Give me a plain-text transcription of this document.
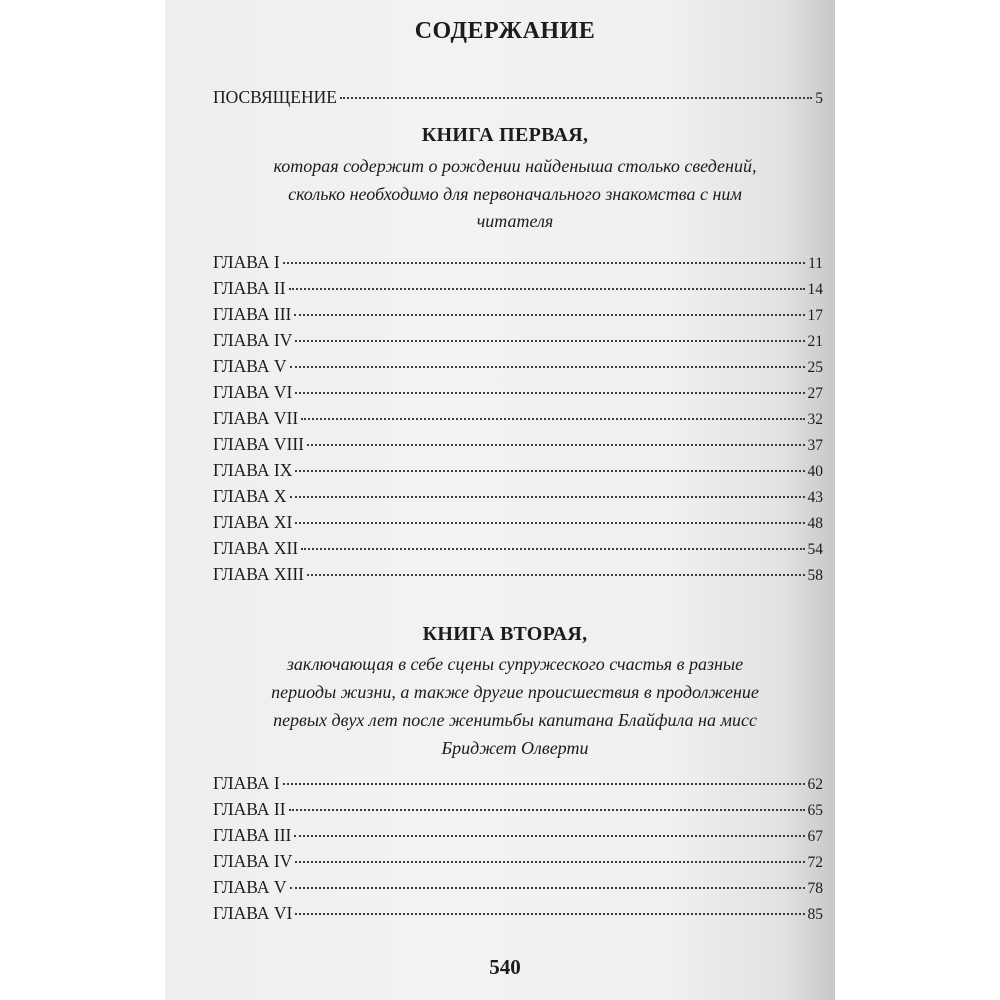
СОДЕРЖАНИЕ
ПОСВЯЩЕНИЕ	5
КНИГА ПЕРВАЯ,
которая содержит о рождении найденыша столько сведений,
сколько необходимо для первоначального знакомства с ним
читателя
ГЛАВА I	11
ГЛАВА II	14
ГЛАВА III	17
ГЛАВА IV	21
ГЛАВА V	25
ГЛАВА VI	27
ГЛАВА VII	32
ГЛАВА VIII	37
ГЛАВА IX	40
ГЛАВА X	43
ГЛАВА XI	48
ГЛАВА XII	54
ГЛАВА XIII	58
КНИГА ВТОРАЯ,
заключающая в себе сцены супружеского счастья в разные
периоды жизни, а также другие происшествия в продолжение
первых двух лет после женитьбы капитана Блайфила на мисс
Бриджет Олверти
ГЛАВА I	62
ГЛАВА II	65
ГЛАВА III	67
ГЛАВА IV	72
ГЛАВА V	78
ГЛАВА VI	85
540
